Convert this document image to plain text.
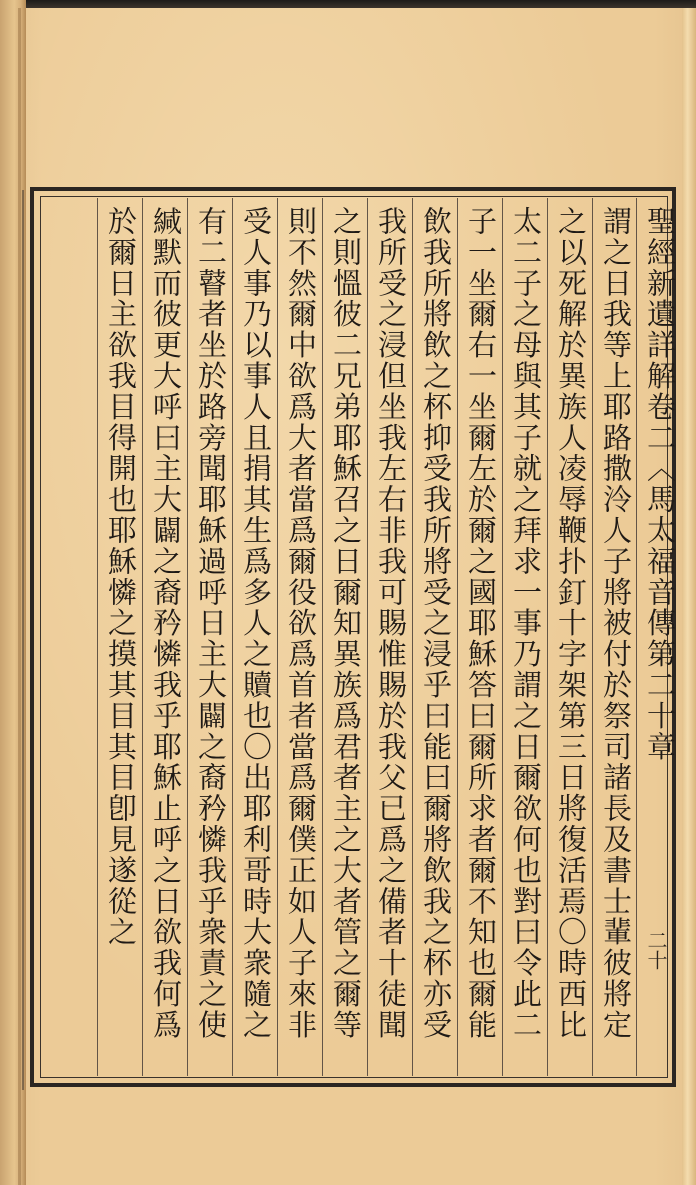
聖經新遺詳解卷二〈馬太福音傳第二十章
謂之日我等上耶路撒泠人子將被付於祭司諸長及書士輩彼將定
之以死解於異族人凌辱鞭扑釘十字架第三日將復活焉〇時西比
太二子之母與其子就之拜求一事乃謂之日爾欲何也對曰令此二
子一坐爾右一坐爾左於爾之國耶穌答曰爾所求者爾不知也爾能
飲我所將飲之杯抑受我所將受之浸乎曰能曰爾將飲我之杯亦受
我所受之浸但坐我左右非我可賜惟賜於我父已爲之備者十徒聞
之則慍彼二兄弟耶穌召之日爾知異族爲君者主之大者管之爾等
則不然爾中欲爲大者當爲爾役欲爲首者當爲爾僕正如人子來非
受人事乃以事人且捐其生爲多人之贖也〇出耶利哥時大衆隨之
有二瞽者坐於路旁聞耶穌過呼日主大闢之裔矜憐我乎衆責之使
緘默而彼更大呼曰主大闢之裔矜憐我乎耶穌止呼之日欲我何爲
於爾日主欲我目得開也耶穌憐之摸其目其目卽見遂從之
二十
